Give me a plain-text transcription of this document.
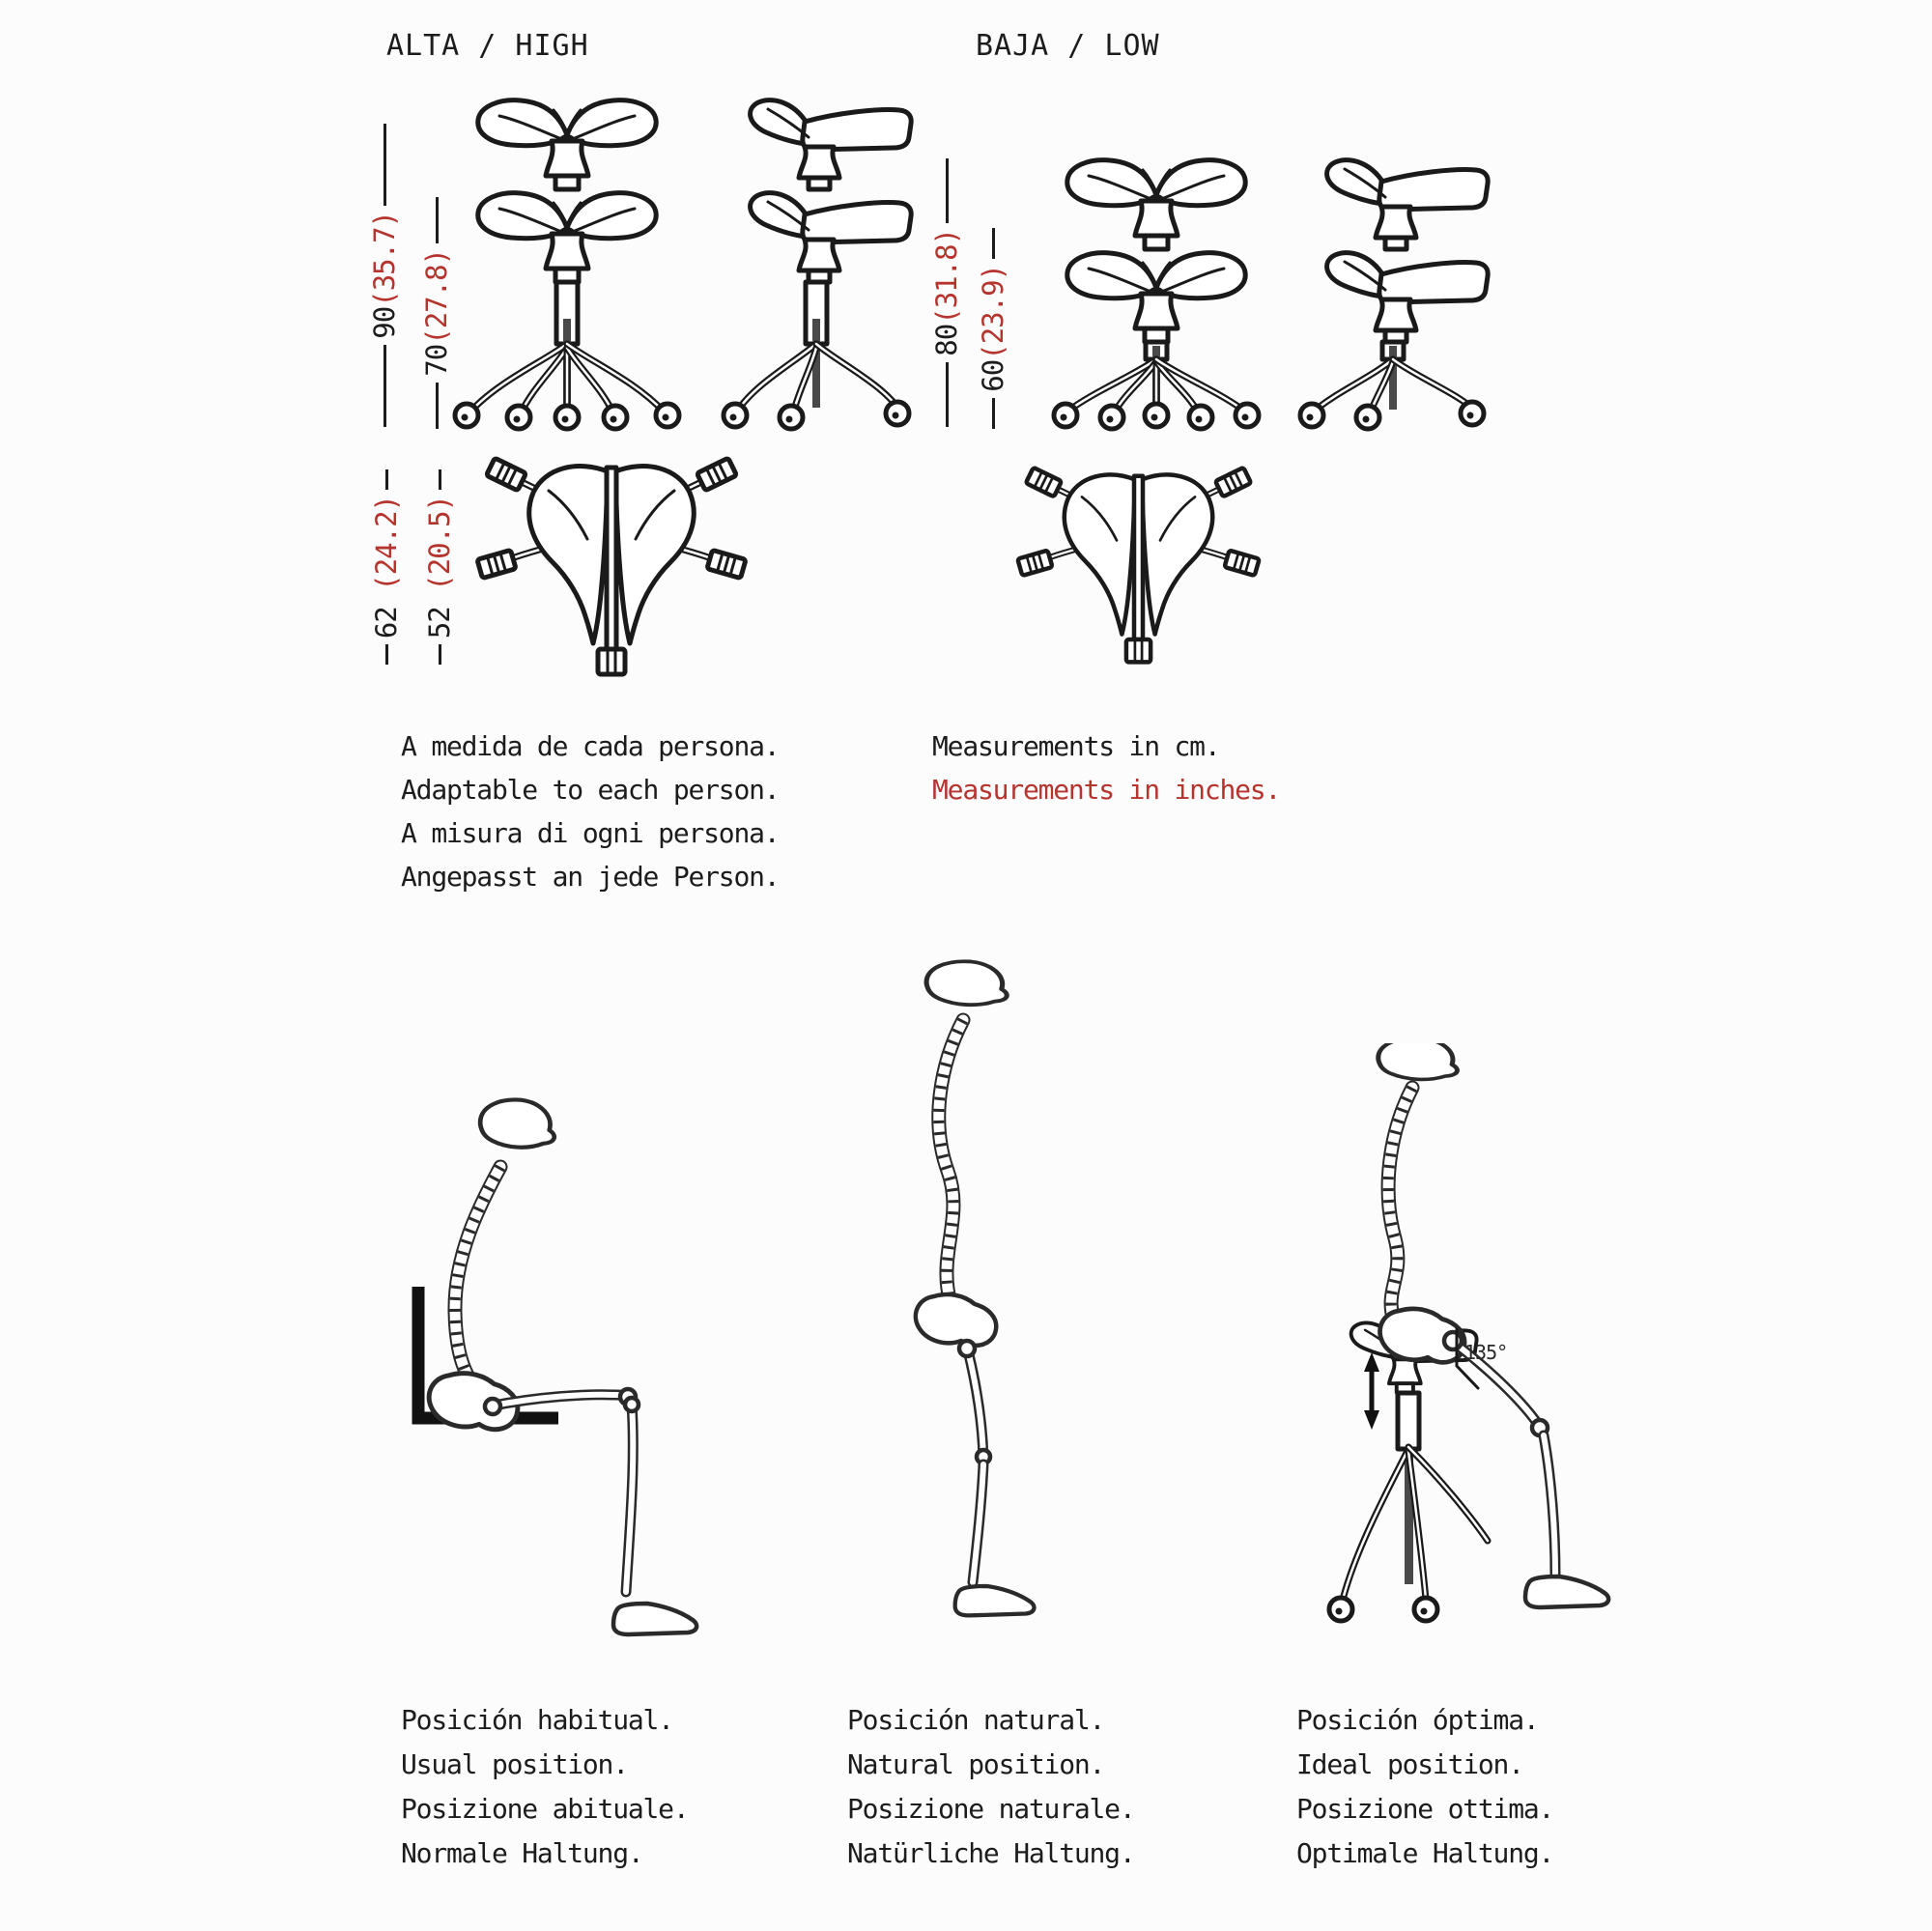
ALTA / HIGH	BAJA / LOW
90(35.7)
70(27.8)	80(31.8)
60(23.9)
62 (24.2)
52 (20.5)
A medida de cada persona.
Adaptable to each person.
A misura di ogni persona.
Angepasst an jede Person.
Measurements in cm.
Measurements in inches.
135°
Posición habitual.
Usual position.
Posizione abituale.
Normale Haltung.
Posición natural.
Natural position.
Posizione naturale.
Natürliche Haltung.
Posición óptima.
Ideal position.
Posizione ottima.
Optimale Haltung.
